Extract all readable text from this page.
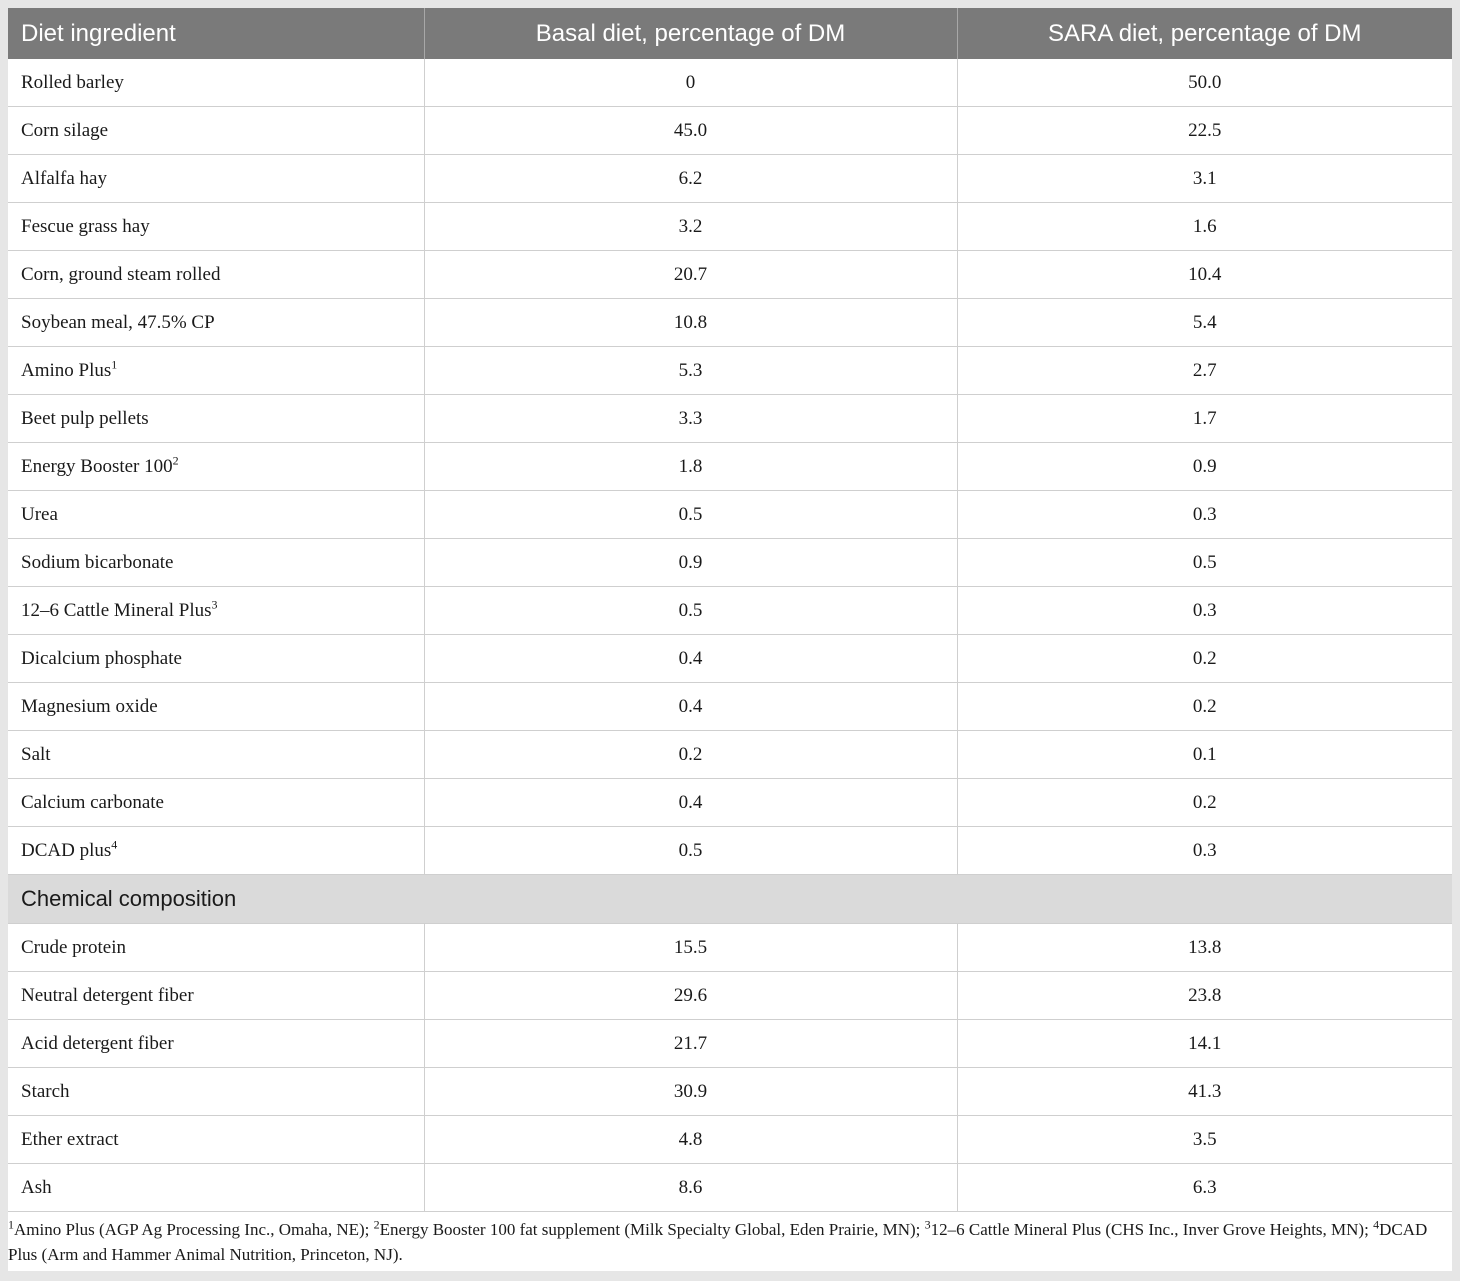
Diet ingredient	Basal diet, percentage of DM	SARA diet, percentage of DM
Rolled barley	0	50.0
Corn silage	45.0	22.5
Alfalfa hay	6.2	3.1
Fescue grass hay	3.2	1.6
Corn, ground steam rolled	20.7	10.4
Soybean meal, 47.5% CP	10.8	5.4
Amino Plus$^1$	5.3	2.7
Beet pulp pellets	3.3	1.7
Energy Booster $100^2$	1.8	0.9
Urea	0.5	0.3
Sodium bicarbonate	0.9	0.5
12–6 Cattle Mineral Plus$^3$	0.5	0.3
Dicalcium phosphate	0.4	0.2
Magnesium oxide	0.4	0.2
Salt	0.2	0.1
Calcium carbonate	0.4	0.2
DCAD plus$^4$	0.5	0.3
Chemical composition		
Crude protein	15.5	13.8
Neutral detergent fiber	29.6	23.8
Acid detergent fiber	21.7	14.1
Starch	30.9	41.3
Ether extract	4.8	3.5
Ash	8.6	6.3
$^1$Amino Plus (AGP Ag Processing Inc., Omaha, NE); $^2$Energy Booster 100 fat supplement (Milk Specialty Global, Eden Prairie, MN); $^3$12–6 Cattle Mineral Plus (CHS Inc., Inver Grove Heights, MN); $^4$DCAD Plus (Arm and Hammer Animal Nutrition, Princeton, NJ).
